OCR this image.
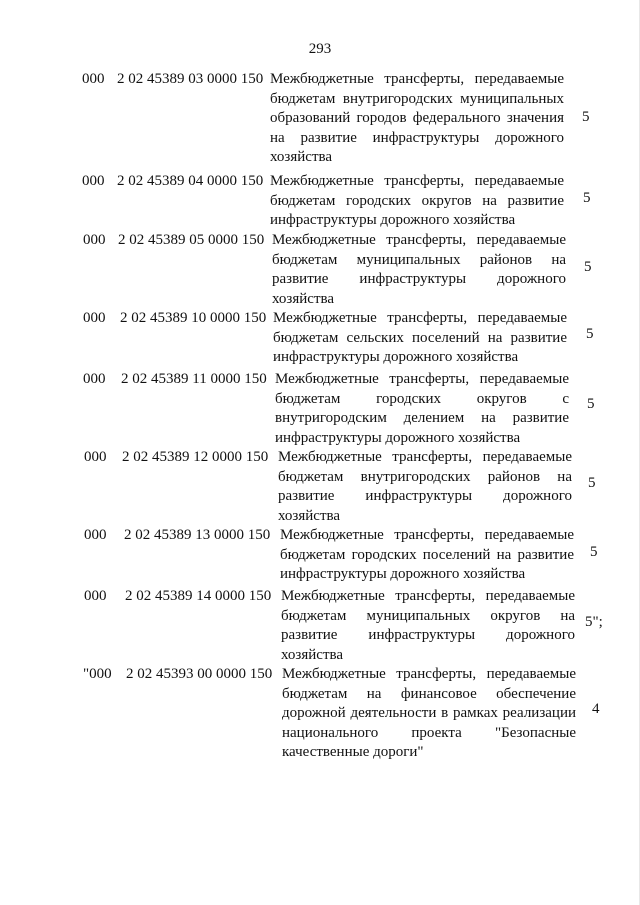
293
000 2 02 45389 03 0000 150 Межбюджетные трансферты, передаваемые бюджетам внутригородских муниципальных образований городов федерального значения на развитие инфраструктуры дорожного хозяйства
5
000 2 02 45389 04 0000 150 Межбюджетные трансферты, передаваемые бюджетам городских округов на развитие инфраструктуры дорожного хозяйства
5
000 2 02 45389 05 0000 150 Межбюджетные трансферты, передаваемые бюджетам муниципальных районов на развитие инфраструктуры дорожного хозяйства
5
000 2 02 45389 10 0000 150 Межбюджетные трансферты, передаваемые бюджетам сельских поселений на развитие инфраструктуры дорожного хозяйства
5
000 2 02 45389 11 0000 150 Межбюджетные трансферты, передаваемые бюджетам городских округов с внутригородским делением на развитие инфраструктуры дорожного хозяйства
5
000 2 02 45389 12 0000 150 Межбюджетные трансферты, передаваемые бюджетам внутригородских районов на развитие инфраструктуры дорожного хозяйства
5
000 2 02 45389 13 0000 150 Межбюджетные трансферты, передаваемые бюджетам городских поселений на развитие инфраструктуры дорожного хозяйства
5
000 2 02 45389 14 0000 150 Межбюджетные трансферты, передаваемые бюджетам муниципальных округов на развитие инфраструктуры дорожного хозяйства
5";
"000 2 02 45393 00 0000 150 Межбюджетные трансферты, передаваемые бюджетам на финансовое обеспечение дорожной деятельности в рамках реализации национального проекта "Безопасные качественные дороги"
4
